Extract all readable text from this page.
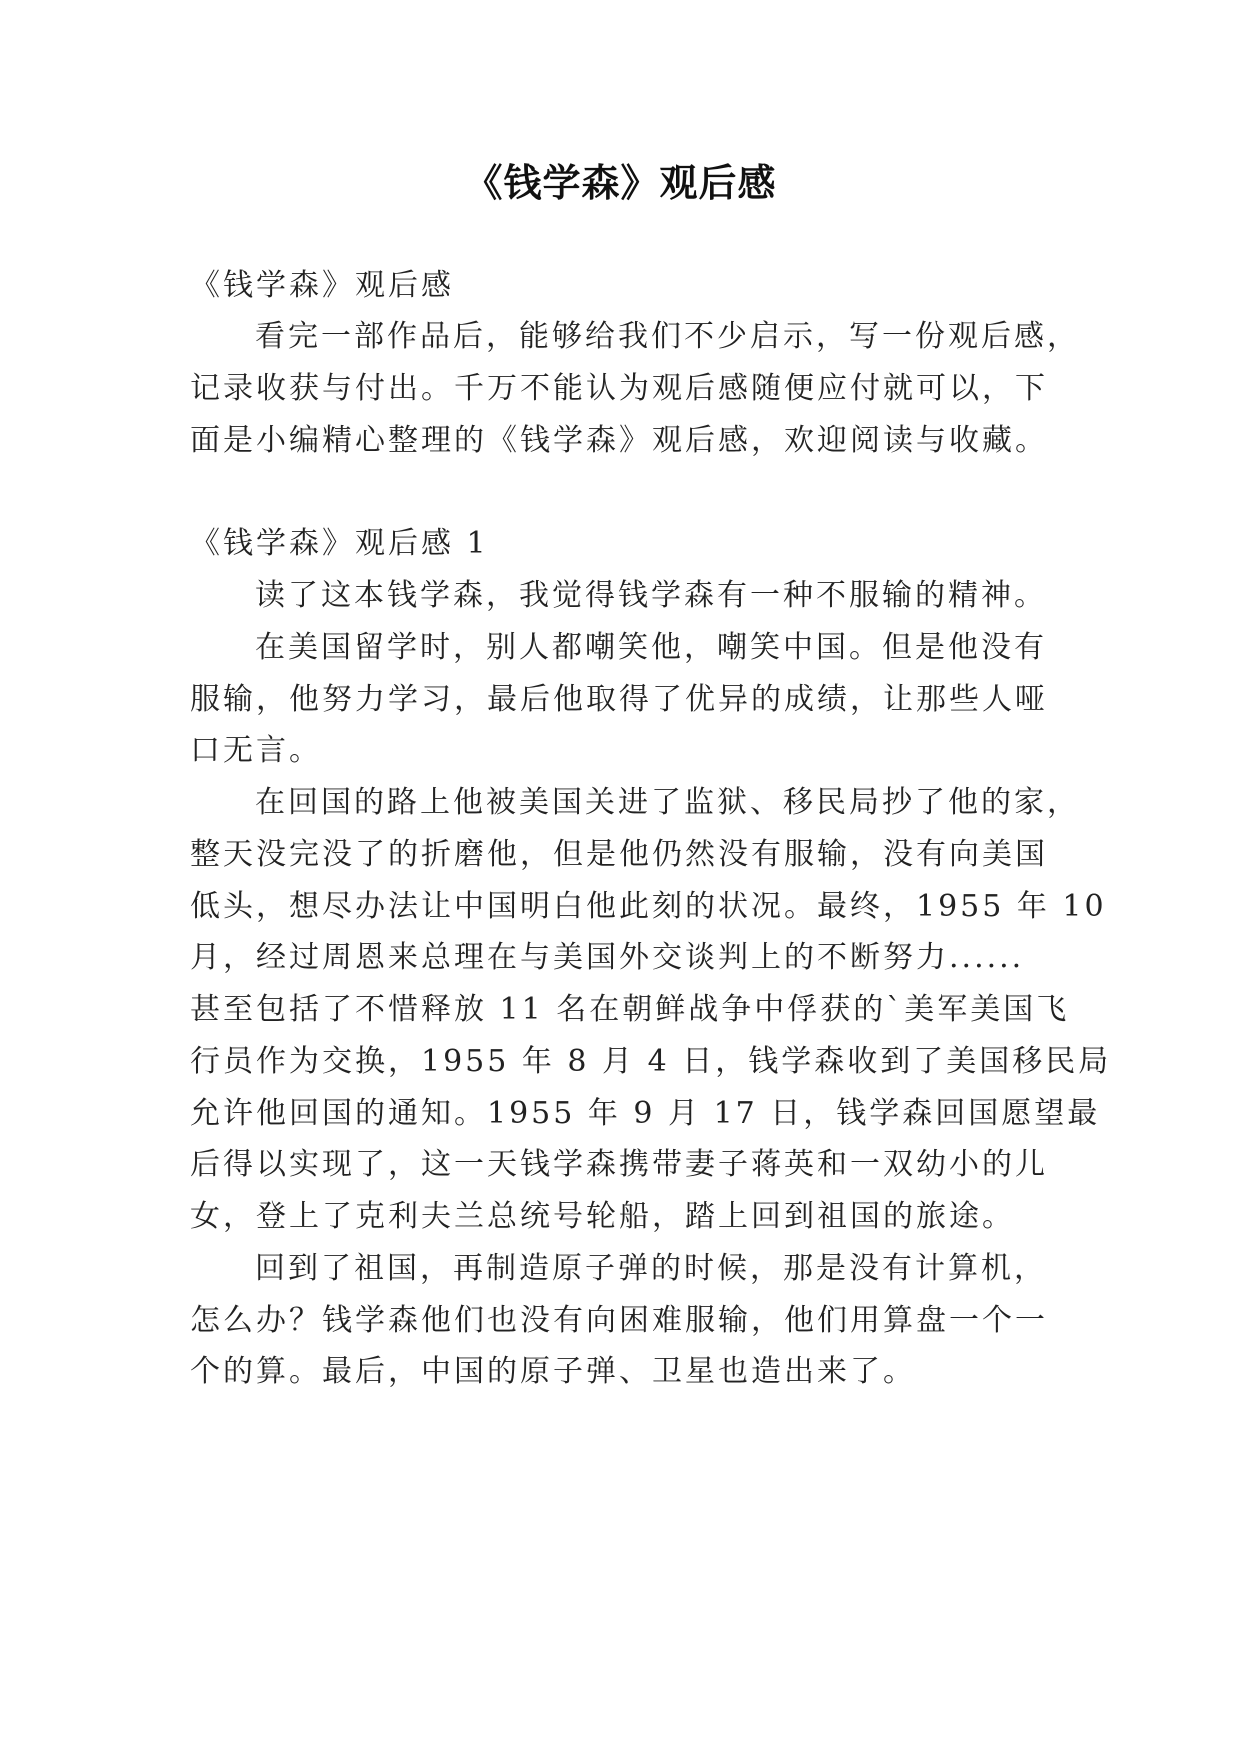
《钱学森》观后感

《钱学森》观后感

看完一部作品后，能够给我们不少启示，写一份观后感，

记录收获与付出。千万不能认为观后感随便应付就可以，下

面是小编精心整理的《钱学森》观后感，欢迎阅读与收藏。

《钱学森》观后感 1

读了这本钱学森，我觉得钱学森有一种不服输的精神。

在美国留学时，别人都嘲笑他，嘲笑中国。但是他没有

服输，他努力学习，最后他取得了优异的成绩，让那些人哑

口无言。

在回国的路上他被美国关进了监狱、移民局抄了他的家，

整天没完没了的折磨他，但是他仍然没有服输，没有向美国

低头，想尽办法让中国明白他此刻的状况。最终，1955 年 10

月，经过周恩来总理在与美国外交谈判上的不断努力......

甚至包括了不惜释放 11 名在朝鲜战争中俘获的`美军美国飞

行员作为交换，1955 年 8 月 4 日，钱学森收到了美国移民局

允许他回国的通知。1955 年 9 月 17 日，钱学森回国愿望最

后得以实现了，这一天钱学森携带妻子蒋英和一双幼小的儿

女，登上了克利夫兰总统号轮船，踏上回到祖国的旅途。

回到了祖国，再制造原子弹的时候，那是没有计算机，

怎么办？钱学森他们也没有向困难服输，他们用算盘一个一

个的算。最后，中国的原子弹、卫星也造出来了。
